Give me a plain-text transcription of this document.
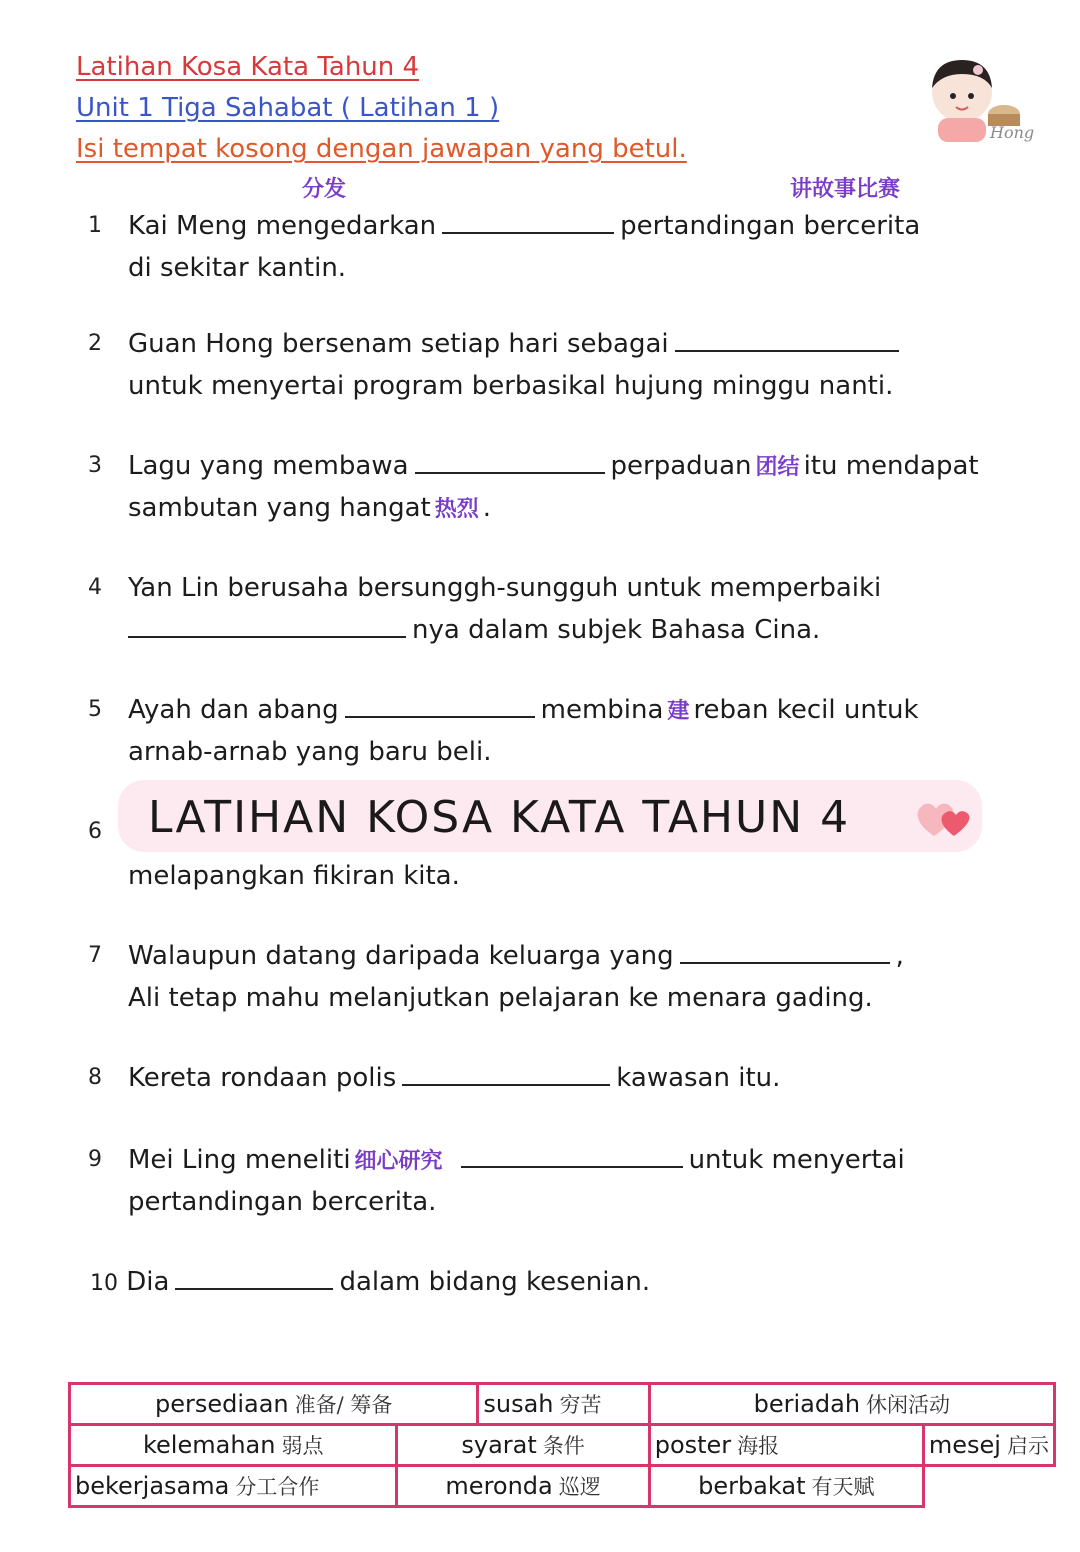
Latihan Kosa Kata Tahun 4
Unit 1 Tiga Sahabat ( Latihan 1 )
Isi tempat kosong dengan jawapan yang betul.
Hong
分发	讲故事比赛
1	Kai Meng mengedarkan	pertandingan bercerita
di sekitar kantin.
2	Guan Hong bersenam setiap hari sebagai
untuk menyertai program berbasikal hujung minggu nanti.
3	Lagu yang membawa	perpaduan 团结 itu mendapat
sambutan yang hangat 热烈 .
4	Yan Lin berusaha bersunggh-sungguh untuk memperbaiki
nya dalam subjek Bahasa Cina.
5	Ayah dan abang	membina 建 reban kecil untuk
arnab-arnab yang baru beli.
6	LATIHAN KOSA KATA TAHUN 4
melapangkan fikiran kita.
7	Walaupun datang daripada keluarga yang	,
Ali tetap mahu melanjutkan pelajaran ke menara gading.
8	Kereta rondaan polis	kawasan itu.
9	Mei Ling meneliti 细心研究	untuk menyertai
pertandingan bercerita.
10 Dia	dalam bidang kesenian.
persediaan 准备/ 筹备		susah 穷苦	beriadah 休闲活动	
kelemahan 弱点	syarat 条件		poster 海报	mesej 启示
bekerjasama 分工合作	meronda 巡逻		berbakat 有天赋	
